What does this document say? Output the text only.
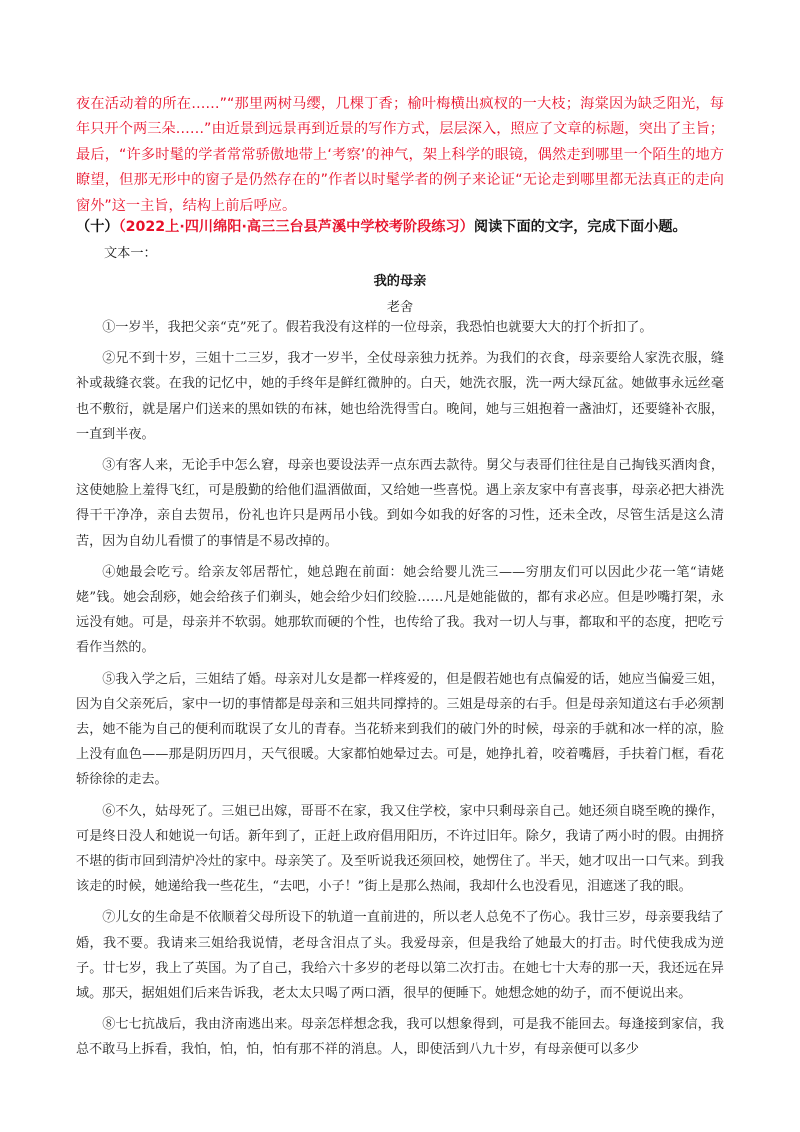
夜在活动着的所在……”“那里两树马缨，几棵丁香；榆叶梅横出疯杈的一大枝；海棠因为缺乏阳光，每年只开个两三朵……”由近景到远景再到近景的写作方式，层层深入，照应了文章的标题，突出了主旨；最后，“许多时髦的学者常常骄傲地带上‘考察’的神气，架上科学的眼镜，偶然走到哪里一个陌生的地方瞭望，但那无形中的窗子是仍然存在的”作者以时髦学者的例子来论证“无论走到哪里都无法真正的走向窗外”这一主旨，结构上前后呼应。

（十）（2022上·四川绵阳·高三三台县芦溪中学校考阶段练习）阅读下面的文字，完成下面小题。

文本一：

我的母亲

老舍

①一岁半，我把父亲“克”死了。假若我没有这样的一位母亲，我恐怕也就要大大的打个折扣了。

②兄不到十岁，三姐十二三岁，我才一岁半，全仗母亲独力抚养。为我们的衣食，母亲要给人家洗衣服，缝补或裁缝衣裳。在我的记忆中，她的手终年是鲜红微肿的。白天，她洗衣服，洗一两大绿瓦盆。她做事永远丝毫也不敷衍，就是屠户们送来的黑如铁的布袜，她也给洗得雪白。晚间，她与三姐抱着一盏油灯，还要缝补衣服，一直到半夜。

③有客人来，无论手中怎么窘，母亲也要设法弄一点东西去款待。舅父与表哥们往往是自己掏钱买酒肉食，这使她脸上羞得飞红，可是殷勤的给他们温酒做面，又给她一些喜悦。遇上亲友家中有喜丧事，母亲必把大褂洗得干干净净，亲自去贺吊，份礼也许只是两吊小钱。到如今如我的好客的习性，还未全改，尽管生活是这么清苦，因为自幼儿看惯了的事情是不易改掉的。

④她最会吃亏。给亲友邻居帮忙，她总跑在前面：她会给婴儿洗三——穷朋友们可以因此少花一笔“请姥姥”钱。她会刮痧，她会给孩子们剃头，她会给少妇们绞脸……凡是她能做的，都有求必应。但是吵嘴打架，永远没有她。可是，母亲并不软弱。她那软而硬的个性，也传给了我。我对一切人与事，都取和平的态度，把吃亏看作当然的。

⑤我入学之后，三姐结了婚。母亲对儿女是都一样疼爱的，但是假若她也有点偏爱的话，她应当偏爱三姐，因为自父亲死后，家中一切的事情都是母亲和三姐共同撑持的。三姐是母亲的右手。但是母亲知道这右手必须割去，她不能为自己的便利而耽误了女儿的青春。当花轿来到我们的破门外的时候，母亲的手就和冰一样的凉，脸上没有血色——那是阴历四月，天气很暖。大家都怕她晕过去。可是，她挣扎着，咬着嘴唇，手扶着门框，看花轿徐徐的走去。

⑥不久，姑母死了。三姐已出嫁，哥哥不在家，我又住学校，家中只剩母亲自己。她还须自晓至晚的操作，可是终日没人和她说一句话。新年到了，正赶上政府倡用阳历，不许过旧年。除夕，我请了两小时的假。由拥挤不堪的街市回到清炉冷灶的家中。母亲笑了。及至听说我还须回校，她愣住了。半天，她才叹出一口气来。到我该走的时候，她递给我一些花生，“去吧，小子！”街上是那么热闹，我却什么也没看见，泪遮迷了我的眼。

⑦儿女的生命是不依顺着父母所设下的轨道一直前进的，所以老人总免不了伤心。我廿三岁，母亲要我结了婚，我不要。我请来三姐给我说情，老母含泪点了头。我爱母亲，但是我给了她最大的打击。时代使我成为逆子。廿七岁，我上了英国。为了自己，我给六十多岁的老母以第二次打击。在她七十大寿的那一天，我还远在异域。那天，据姐姐们后来告诉我，老太太只喝了两口酒，很早的便睡下。她想念她的幼子，而不便说出来。

⑧七七抗战后，我由济南逃出来。母亲怎样想念我，我可以想象得到，可是我不能回去。每逢接到家信，我总不敢马上拆看，我怕，怕，怕，怕有那不祥的消息。人，即使活到八九十岁，有母亲便可以多少
